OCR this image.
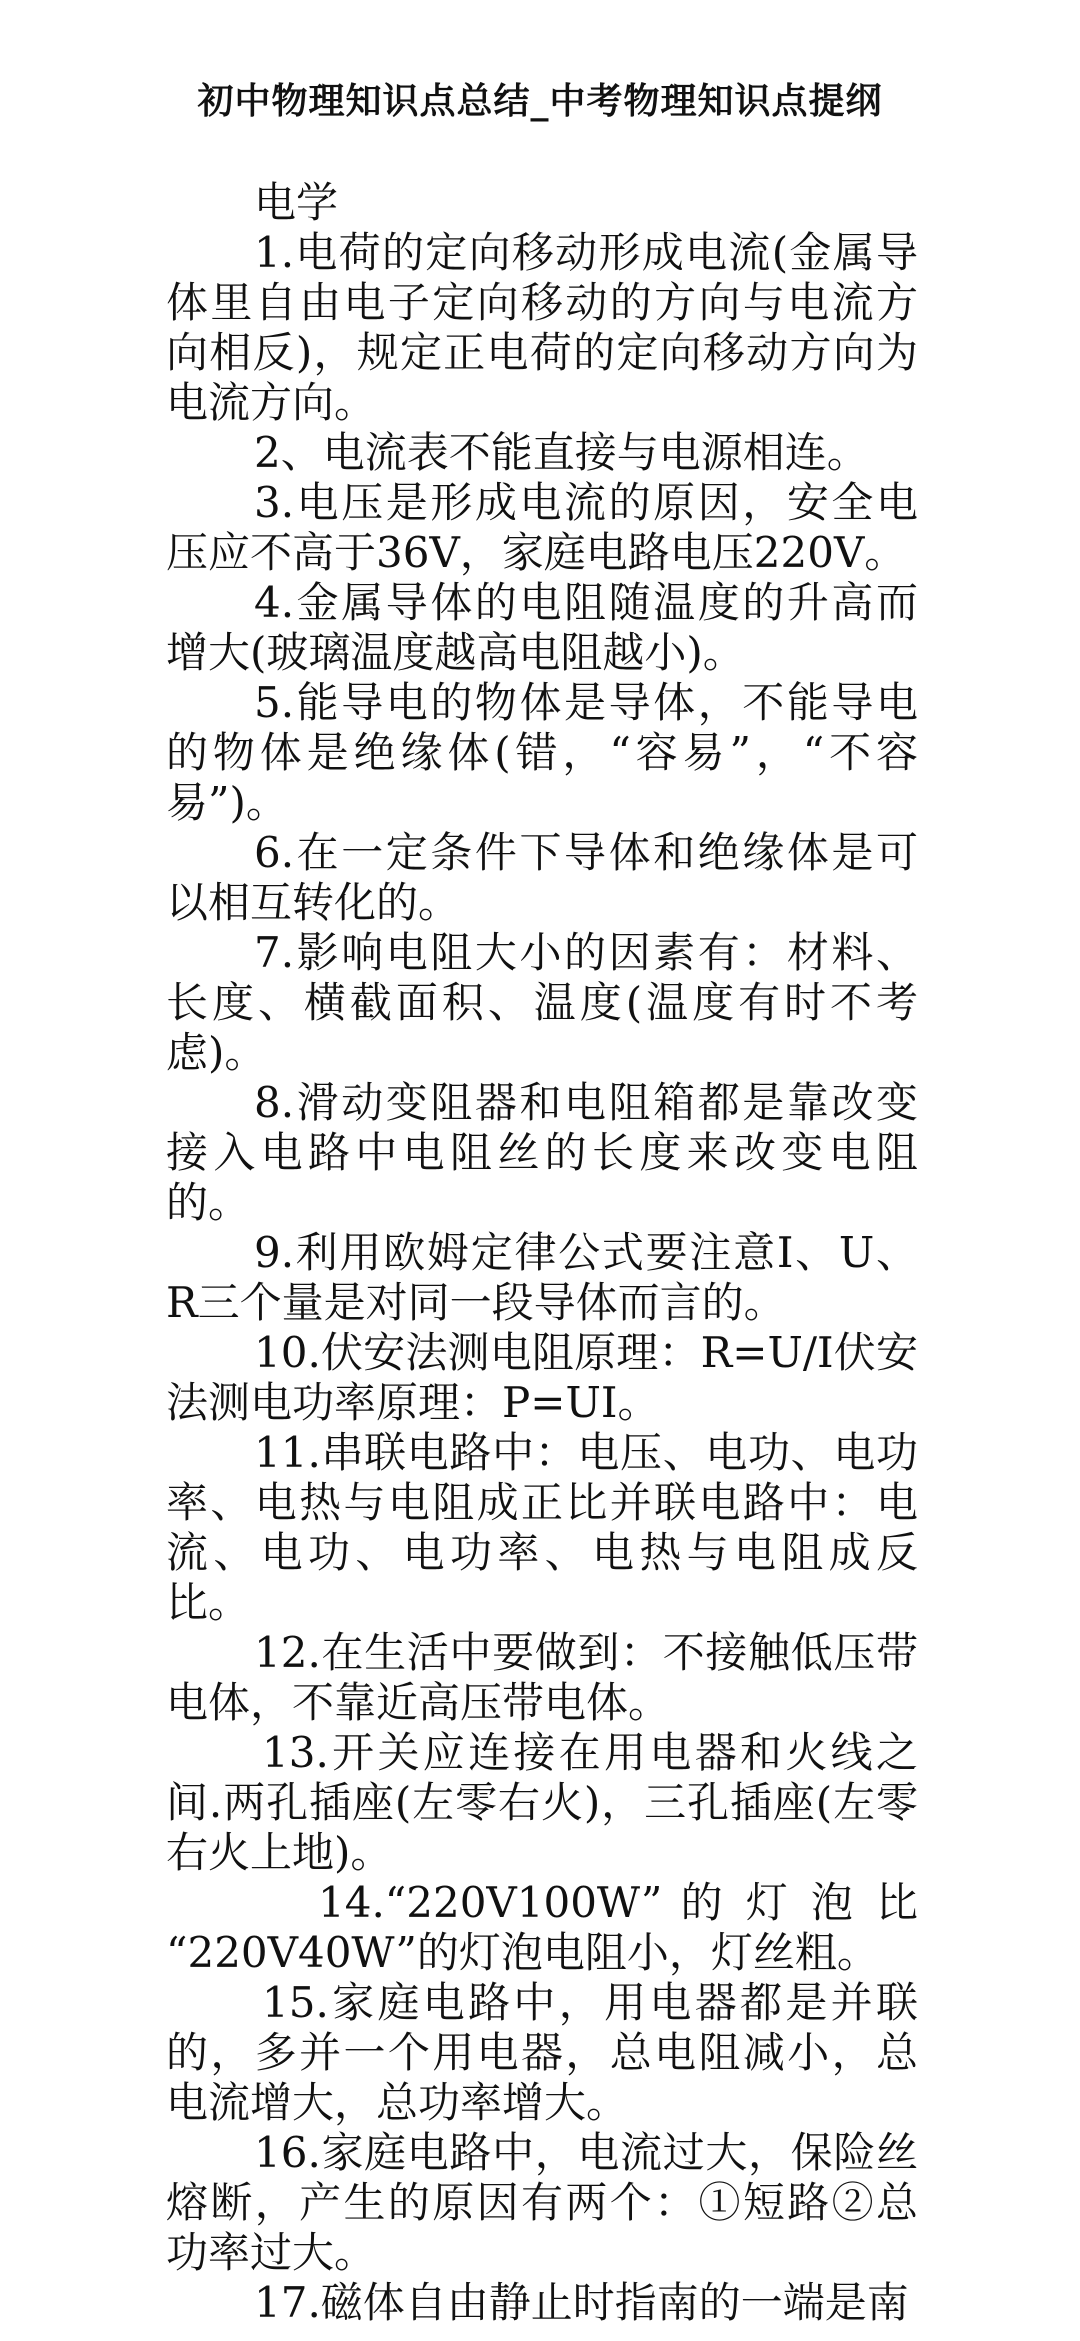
初中物理知识点总结_中考物理知识点提纲

电学

1.电荷的定向移动形成电流(金属导体里自由电子定向移动的方向与电流方向相反)，规定正电荷的定向移动方向为电流方向。

2、电流表不能直接与电源相连。

3.电压是形成电流的原因，安全电压应不高于36V，家庭电路电压220V。

4.金属导体的电阻随温度的升高而增大(玻璃温度越高电阻越小)。

5.能导电的物体是导体，不能导电的物体是绝缘体(错，“容易”，“不容易”)。

6.在一定条件下导体和绝缘体是可以相互转化的。

7.影响电阻大小的因素有：材料、长度、横截面积、温度(温度有时不考虑)。

8.滑动变阻器和电阻箱都是靠改变接入电路中电阻丝的长度来改变电阻的。

9.利用欧姆定律公式要注意I、U、R三个量是对同一段导体而言的。

10.伏安法测电阻原理：R=U/I伏安法测电功率原理：P=UI。

11.串联电路中：电压、电功、电功率、电热与电阻成正比并联电路中：电流、电功、电功率、电热与电阻成反比。

12.在生活中要做到：不接触低压带电体，不靠近高压带电体。

13.开关应连接在用电器和火线之间.两孔插座(左零右火)，三孔插座(左零右火上地)。

14.“220V100W” 的 灯 泡 比 “220V40W”的灯泡电阻小，灯丝粗。

15.家庭电路中，用电器都是并联的，多并一个用电器，总电阻减小，总电流增大，总功率增大。

16.家庭电路中，电流过大，保险丝熔断，产生的原因有两个：①短路②总功率过大。

17.磁体自由静止时指南的一端是南
